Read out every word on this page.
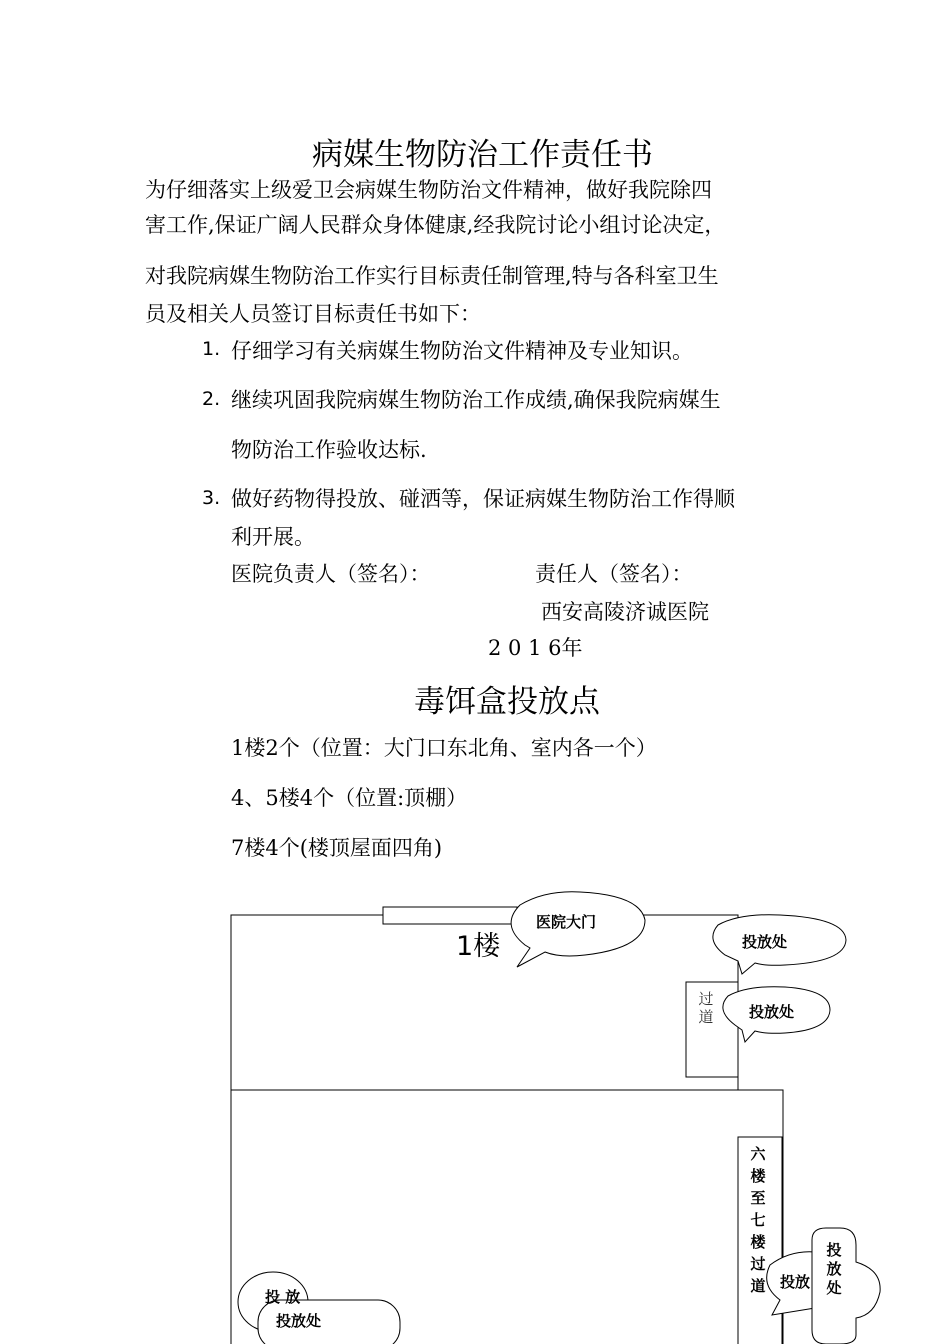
病媒生物防治工作责任书
为仔细落实上级爱卫会病媒生物防治文件精神，做好我院除四
害工作,保证广阔人民群众身体健康,经我院讨论小组讨论决定，
对我院病媒生物防治工作实行目标责任制管理,特与各科室卫生
员及相关人员签订目标责任书如下：
1. 仔细学习有关病媒生物防治文件精神及专业知识。
2. 继续巩固我院病媒生物防治工作成绩,确保我院病媒生
物防治工作验收达标.
3. 做好药物得投放、碰洒等，保证病媒生物防治工作得顺
利开展。
医院负责人（签名）：	责任人（签名）：
西安高陵济诚医院
2 0 1 6年
毒饵盒投放点
1楼2个（位置：大门口东北角、室内各一个）
4、5楼4个（位置:顶棚）
7楼4个(楼顶屋面四角)
1楼
医院大门
投放处
过道 投放处
六楼至七楼过道
投 放
投放处
投放
投放处
